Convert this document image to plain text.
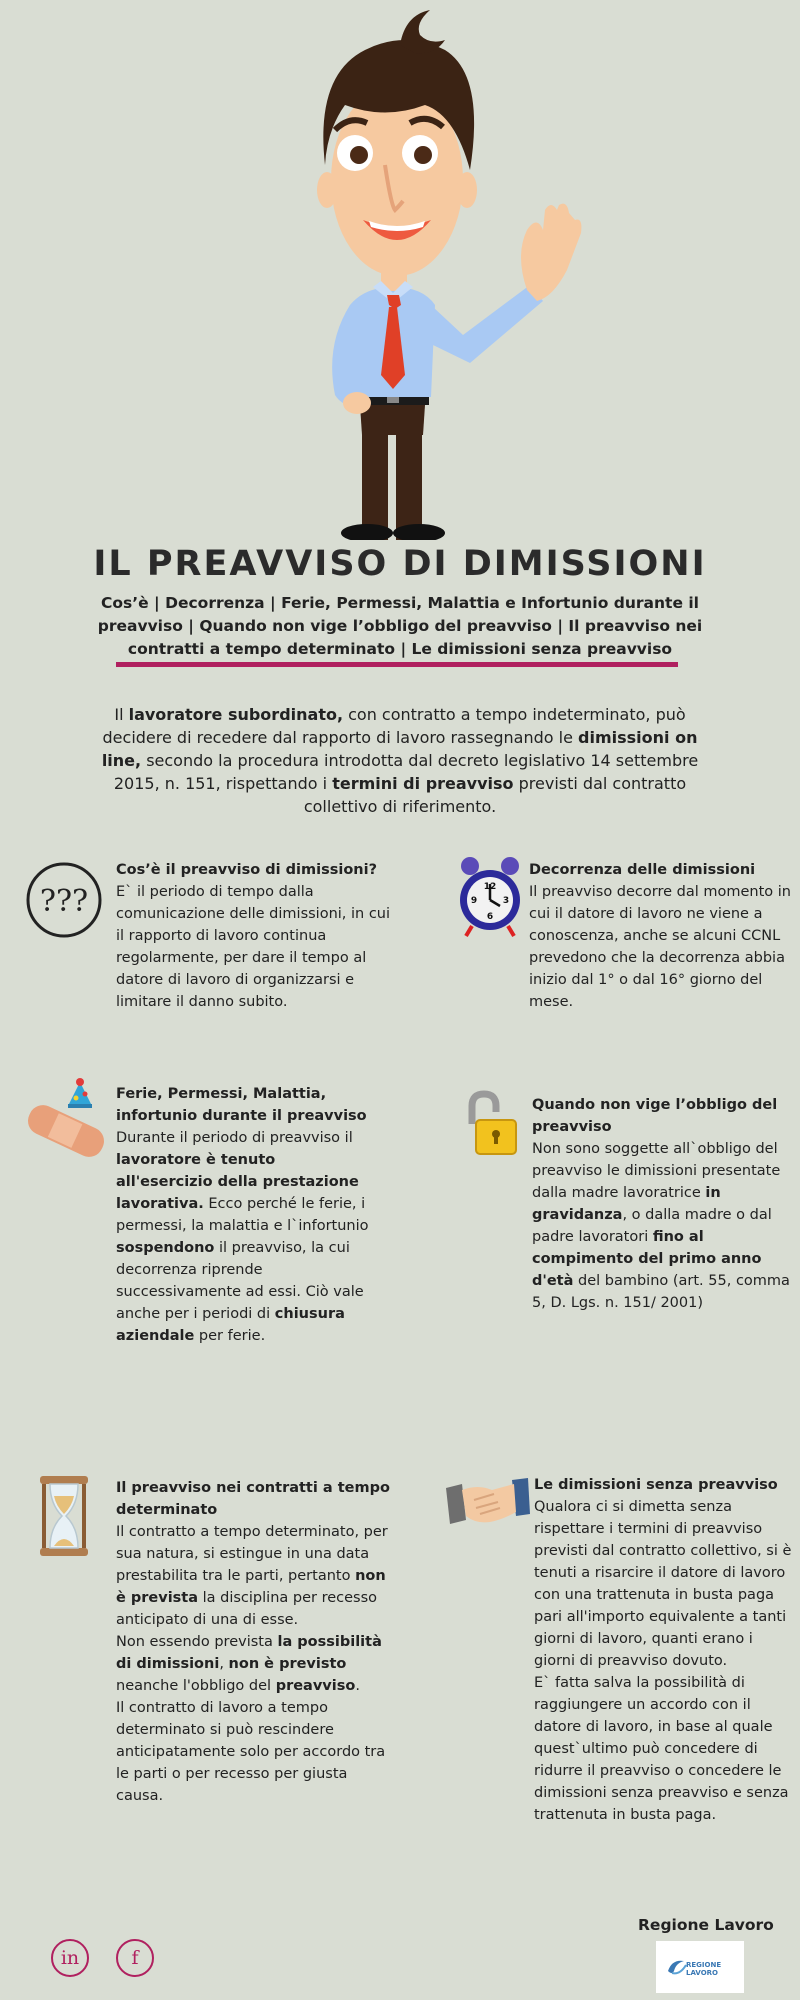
IL PREAVVISO DI DIMISSIONI
Cos’è | Decorrenza | Ferie, Permessi, Malattia e Infortunio durante il preavviso | Quando non vige l’obbligo del preavviso | Il preavviso nei contratti a tempo determinato | Le dimissioni senza preavviso
Il lavoratore subordinato, con contratto a tempo indeterminato, può decidere di recedere dal rapporto di lavoro rassegnando le dimissioni on line, secondo la procedura introdotta dal decreto legislativo 14 settembre 2015, n. 151, rispettando i termini di preavviso previsti dal contratto collettivo di riferimento.
???
Cos’è il preavviso di dimissioni?
E` il periodo di tempo dalla comunicazione delle dimissioni, in cui il rapporto di lavoro continua regolarmente, per dare il tempo al datore di lavoro di organizzarsi e limitare il danno subito.
12
3
6
9
Decorrenza delle dimissioni
Il preavviso decorre dal momento in cui il datore di lavoro ne viene a conoscenza, anche se alcuni CCNL prevedono che la decorrenza abbia inizio dal 1° o dal 16° giorno del mese.
Ferie, Permessi, Malattia, infortunio durante il preavviso
Durante il periodo di preavviso il lavoratore è tenuto all'esercizio della prestazione lavorativa. Ecco perché le ferie, i permessi, la malattia e l`infortunio sospendono il preavviso, la cui decorrenza riprende successivamente ad essi. Ciò vale anche per i periodi di chiusura aziendale per ferie.
Quando non vige l’obbligo del preavviso
Non sono soggette all`obbligo del preavviso le dimissioni presentate dalla madre lavoratrice in gravidanza, o dalla madre o dal padre lavoratori fino al compimento del primo anno d'età del bambino (art. 55, comma 5, D. Lgs. n. 151/ 2001)
Il preavviso nei contratti a tempo determinato
Il contratto a tempo determinato, per sua natura, si estingue in una data prestabilita tra le parti, pertanto non è prevista la disciplina per recesso anticipato di una di esse.
Non essendo prevista la possibilità di dimissioni, non è previsto neanche l'obbligo del preavviso.
Il contratto di lavoro a tempo determinato si può rescindere anticipatamente solo per accordo tra le parti o per recesso per giusta causa.
Le dimissioni senza preavviso
Qualora ci si dimetta senza rispettare i termini di preavviso previsti dal contratto collettivo, si è tenuti a risarcire il datore di lavoro con una trattenuta in busta paga pari all'importo equivalente a tanti giorni di lavoro, quanti erano i giorni di preavviso dovuto.
E` fatta salva la possibilità di raggiungere un accordo con il datore di lavoro, in base al quale quest`ultimo può concedere di ridurre il preavviso o concedere le dimissioni senza preavviso e senza trattenuta in busta paga.
in	f
Regione Lavoro
REGIONE
LAVORO
